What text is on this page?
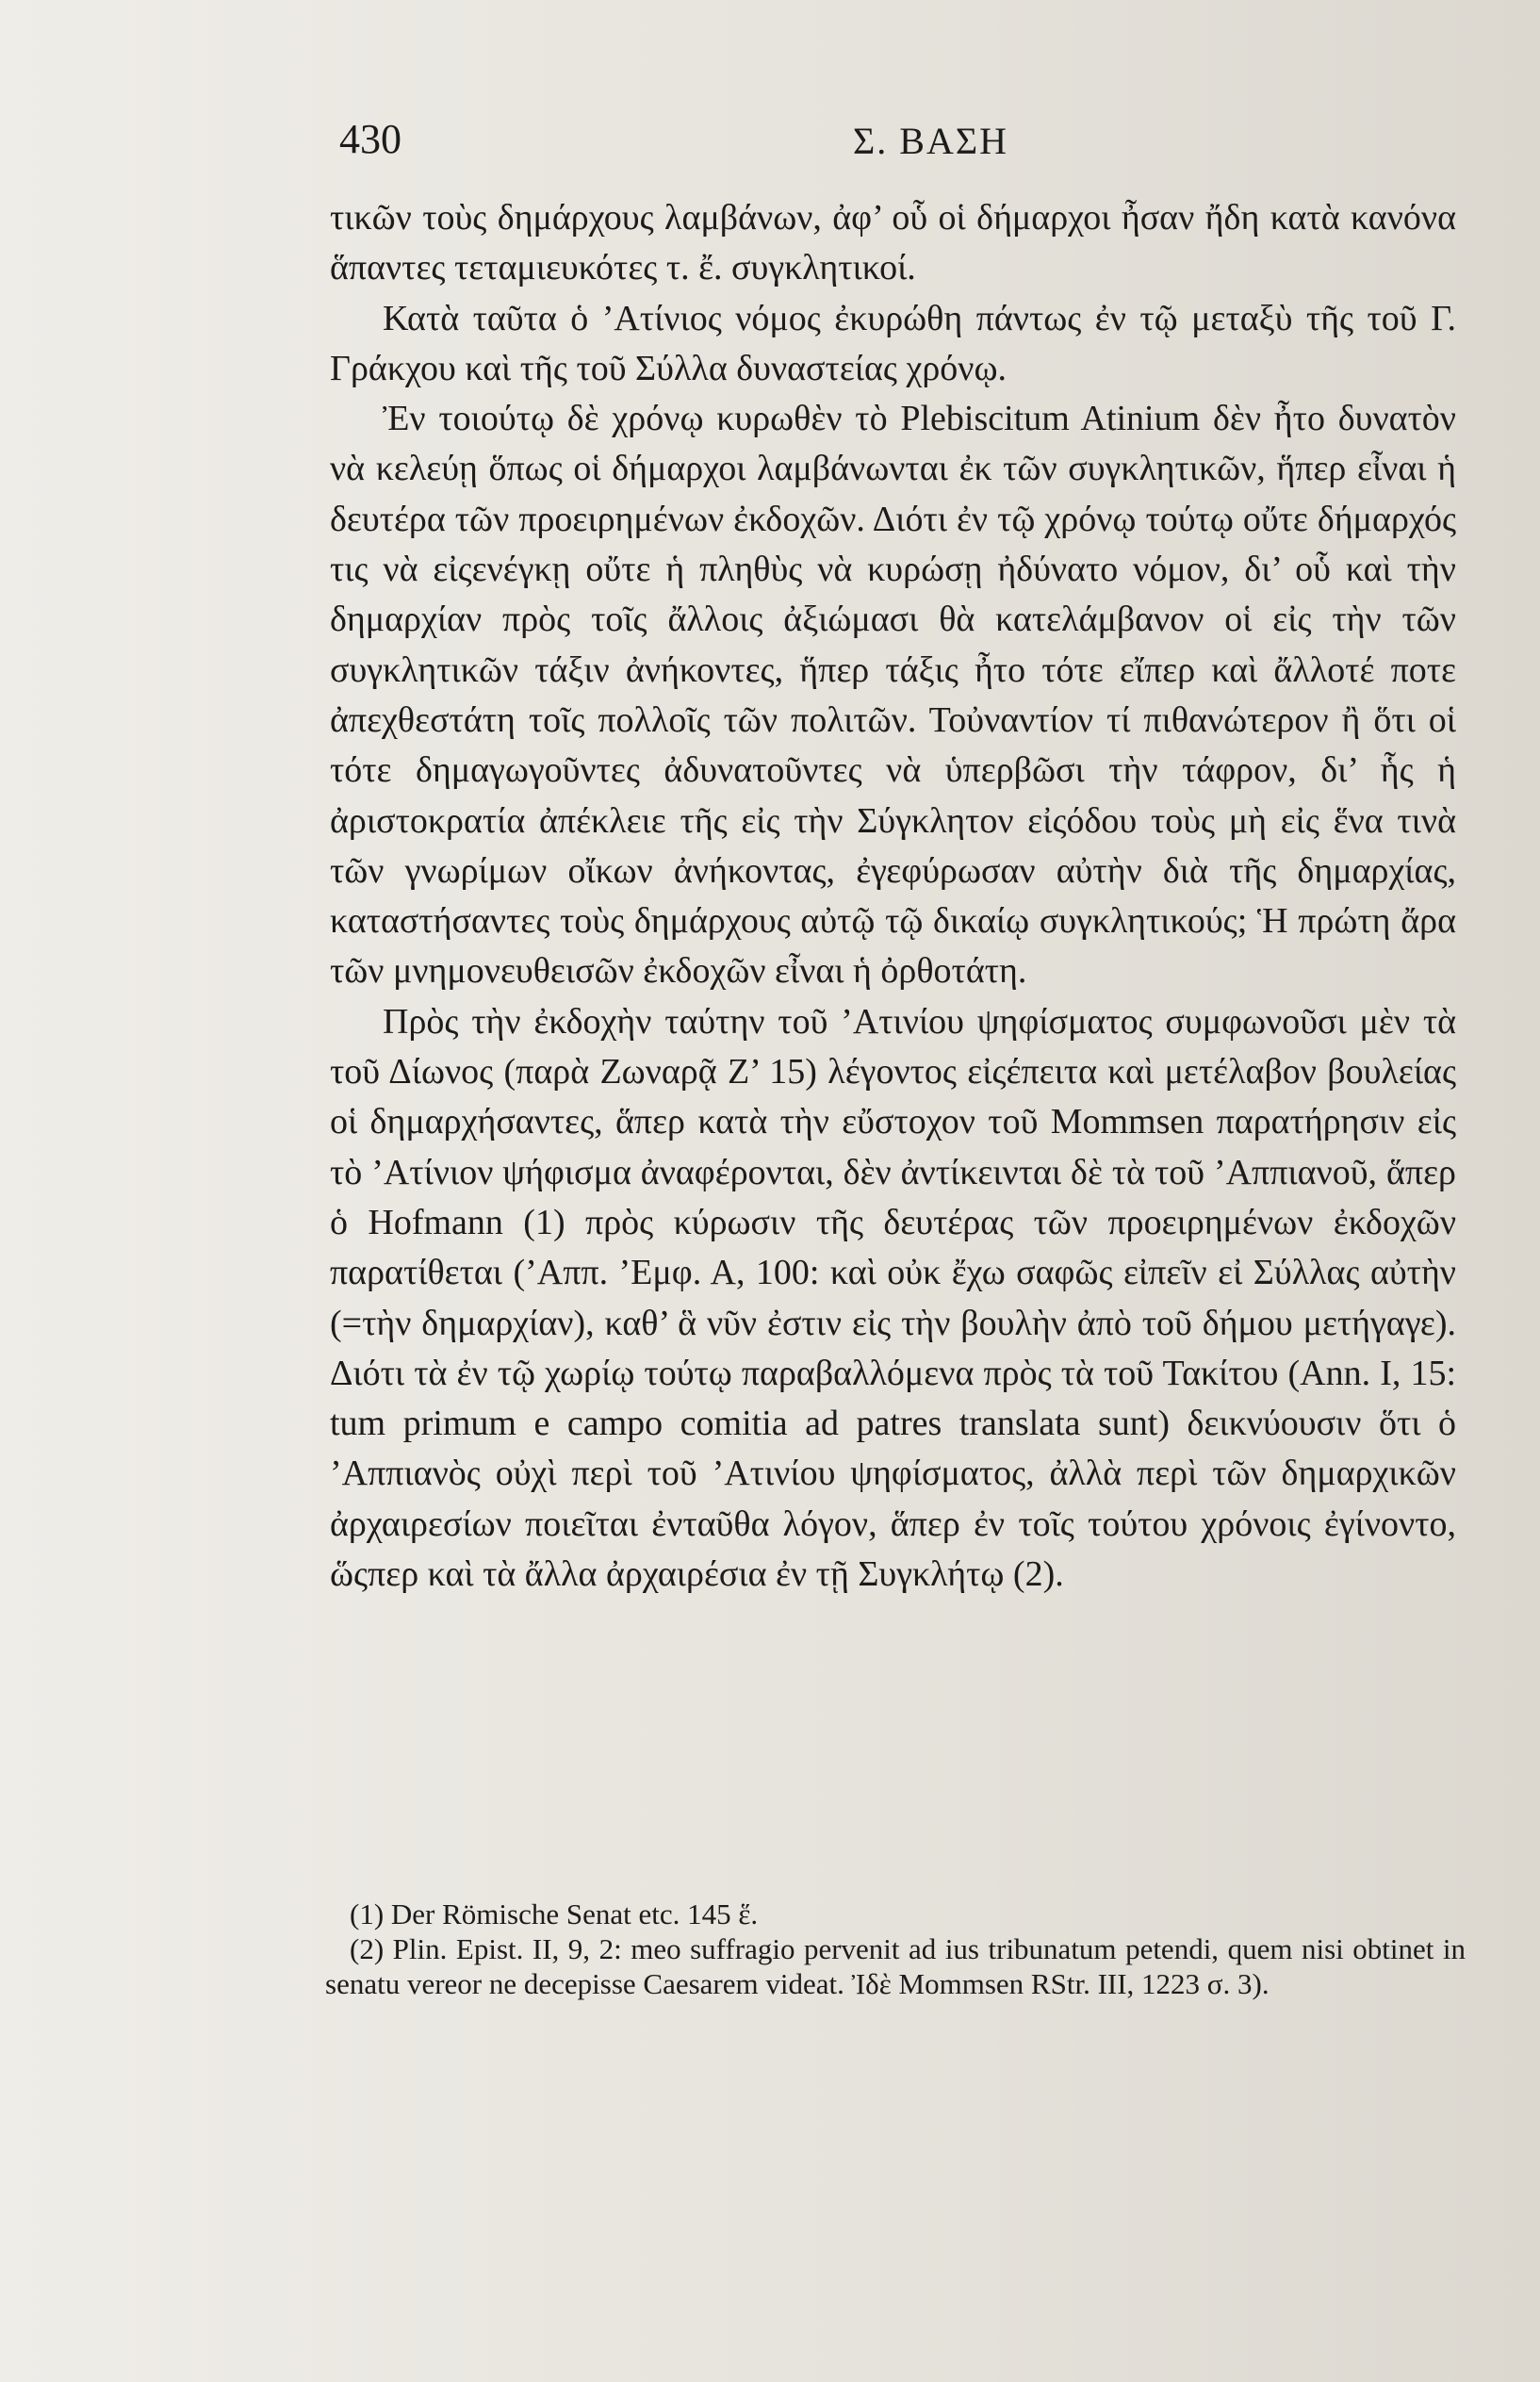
430	Σ. ΒΑΣΗ

τικῶν τοὺς δημάρχους λαμβάνων, ἀφ’ οὗ οἱ δήμαρχοι ἦσαν ἤδη κατὰ κανόνα ἅπαντες τεταμιευκότες τ. ἔ. συγκλητικοί.

Κατὰ ταῦτα ὁ ’Ατίνιος νόμος ἐκυρώθη πάντως ἐν τῷ μεταξὺ τῆς τοῦ Γ. Γράκχου καὶ τῆς τοῦ Σύλλα δυναστείας χρόνῳ.

Ἐν τοιούτῳ δὲ χρόνῳ κυρωθὲν τὸ Plebiscitum Atinium δὲν ἦτο δυνατὸν νὰ κελεύῃ ὅπως οἱ δήμαρχοι λαμβάνωνται ἐκ τῶν συγκλητικῶν, ἥπερ εἶναι ἡ δευτέρα τῶν προειρημένων ἐκδοχῶν. Διότι ἐν τῷ χρόνῳ τούτῳ οὔτε δήμαρχός τις νὰ εἰςενέγκῃ οὔτε ἡ πληθὺς νὰ κυρώσῃ ἠδύνατο νόμον, δι’ οὗ καὶ τὴν δημαρχίαν πρὸς τοῖς ἄλλοις ἀξιώμασι θὰ κατελάμβανον οἱ εἰς τὴν τῶν συγκλητικῶν τάξιν ἀνήκοντες, ἥπερ τάξις ἦτο τότε εἴπερ καὶ ἄλλοτέ ποτε ἀπεχθεστάτη τοῖς πολλοῖς τῶν πολιτῶν. Τοὐναντίον τί πιθανώτερον ἢ ὅτι οἱ τότε δημαγωγοῦντες ἀδυνατοῦντες νὰ ὑπερβῶσι τὴν τάφρον, δι’ ἧς ἡ ἀριστοκρατία ἀπέκλειε τῆς εἰς τὴν Σύγκλητον εἰςόδου τοὺς μὴ εἰς ἕνα τινὰ τῶν γνωρίμων οἴκων ἀνήκοντας, ἐγεφύρωσαν αὐτὴν διὰ τῆς δημαρχίας, καταστήσαντες τοὺς δημάρχους αὐτῷ τῷ δικαίῳ συγκλητικούς; Ἡ πρώτη ἄρα τῶν μνημονευθεισῶν ἐκδοχῶν εἶναι ἡ ὀρθοτάτη.

Πρὸς τὴν ἐκδοχὴν ταύτην τοῦ ’Ατινίου ψηφίσματος συμφωνοῦσι μὲν τὰ τοῦ Δίωνος (παρὰ Ζωναρᾷ Ζ’ 15) λέγοντος εἰςέπειτα καὶ μετέλαβον βουλείας οἱ δημαρχήσαντες, ἅπερ κατὰ τὴν εὔστοχον τοῦ Mommsen παρατήρησιν εἰς τὸ ’Ατίνιον ψήφισμα ἀναφέρονται, δὲν ἀντίκεινται δὲ τὰ τοῦ ’Αππιανοῦ, ἅπερ ὁ Hofmann (1) πρὸς κύρωσιν τῆς δευτέρας τῶν προειρημένων ἐκδοχῶν παρατίθεται (’Αππ. ’Εμφ. Α, 100: καὶ οὐκ ἔχω σαφῶς εἰπεῖν εἰ Σύλλας αὐτὴν (=τὴν δημαρχίαν), καθ’ ἃ νῦν ἐστιν εἰς τὴν βουλὴν ἀπὸ τοῦ δήμου μετήγαγε). Διότι τὰ ἐν τῷ χωρίῳ τούτῳ παραβαλλόμενα πρὸς τὰ τοῦ Τακίτου (Ann. I, 15: tum primum e campo comitia ad patres translata sunt) δεικνύουσιν ὅτι ὁ ’Αππιανὸς οὐχὶ περὶ τοῦ ’Ατινίου ψηφίσματος, ἀλλὰ περὶ τῶν δημαρχικῶν ἀρχαιρεσίων ποιεῖται ἐνταῦθα λόγον, ἅπερ ἐν τοῖς τούτου χρόνοις ἐγίνοντο, ὥςπερ καὶ τὰ ἄλλα ἀρχαιρέσια ἐν τῇ Συγκλήτῳ (2).

(1) Der Römische Senat etc. 145 ἕ.

(2) Plin. Epist. II, 9, 2: meo suffragio pervenit ad ius tribunatum petendi, quem nisi obtinet in senatu vereor ne decepisse Caesarem videat. Ἰδὲ Mommsen RStr. III, 1223 σ. 3).
